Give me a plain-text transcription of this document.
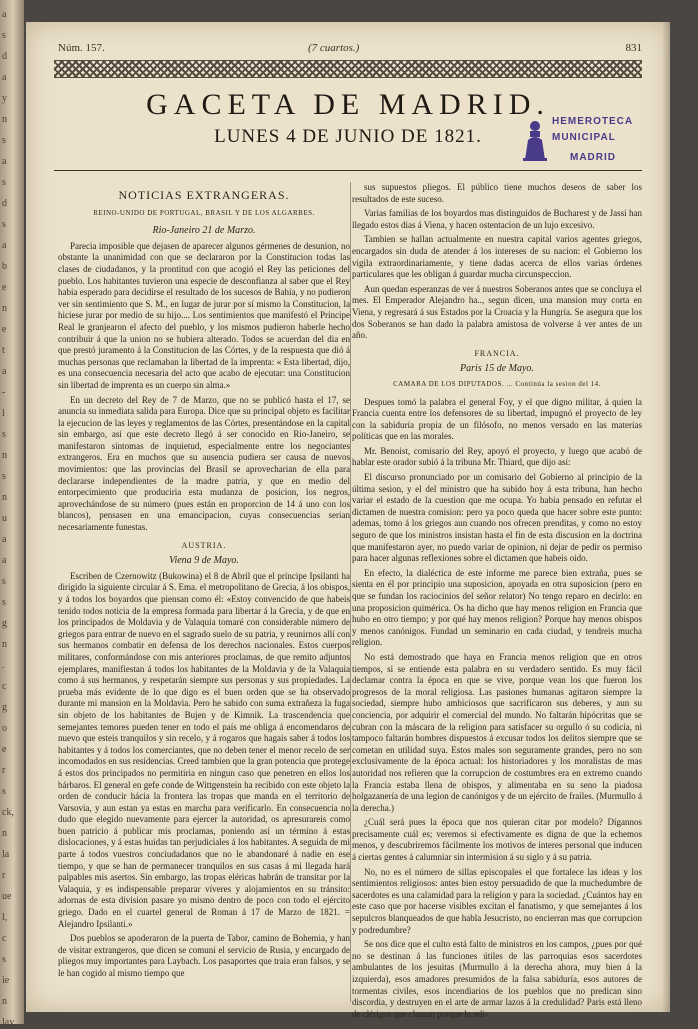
a
s
d
a
y
n
s
a
s
d
s
a
b
e
n
e
t
a
-
l
s
n
s
n
u
a
a
s
s
g
n
.
c
g
o
e
r
s
ck,
n
la
r
ue
l,
c
s
ie
n
lay
Núm. 157.	(7 cuartos.)	831
GACETA DE MADRID.
LUNES 4 DE JUNIO DE 1821.
HEMEROTECA
MUNICIPAL
MADRID
NOTICIAS EXTRANGERAS.
REINO-UNIDO DE PORTUGAL, BRASIL Y DE LOS ALGARBES.
Rio-Janeiro 21 de Marzo.

Parecia imposible que dejasen de aparecer algunos gérmenes de desunion, no obstante la unanimidad con que se declararon por la Constitucion todas las clases de ciudadanos, y la prontitud con que acogió el Rey las peticiones del pueblo. Los habitantes tuvieron una especie de desconfianza al saber que el Rey habia esperado para decidirse el resultado de los sucesos de Bahía, y no pudieron ver sin sentimiento que S. M., en lugar de jurar por sí mismo la Constitucion, la hiciese jurar por medio de su hijo.... Los sentimientos que manifestó el Príncipe Real le granjearon el afecto del pueblo, y los mismos pudieron haberle hecho contribuir á que la union no se hubiera alterado. Todos se acuerdan del dia en que prestó juramento á la Constitucion de las Córtes, y de la respuesta que dió á muchas personas que reclamaban la libertad de la imprenta: « Esta libertad, dijo, es una consecuencia necesaria del acto que acabo de ejecutar: una Constitucion sin libertad de imprenta es un cuerpo sin alma.»

En un decreto del Rey de 7 de Marzo, que no se publicó hasta el 17, se anuncia su inmediata salida para Europa. Dice que su principal objeto es facilitar la ejecucion de las leyes y reglamentos de las Córtes, presentándose en la capital sin embargo, así que este decreto llegó á ser conocido en Rio-Janeiro, se manifestaron síntomas de inquietud, especialmente entre los negociantes extrangeros. Era en muchos que su ausencia pudiera ser causa de nuevos movimientos: que las provincias del Brasil se aprovecharian de ella para declararse independientes de la madre patria, y que en medio del entorpecimiento que produciria esta mudanza de posicion, los negros, aprovechándose de su número (pues están en proporcion de 14 á uno con los blancos), pensasen en una emancipacion, cuyas consecuencias serian necesariamente funestas.

AUSTRIA.
Viena 9 de Mayo.

Escriben de Czernowitz (Bukowina) el 8 de Abril que el príncipe Ipsilanti ha dirigido la siguiente circular á S. Ema. el metropolitano de Grecia, á los obispos, y á todos los boyardos que piensan como él: «Estoy convencido de que habeis tenido todos noticia de la empresa formada para libertar á la Grecia, y de que en los principados de Moldavia y de Valaquia tomaré con considerable número de griegos para entrar de nuevo en el sagrado suelo de su patria, y reunirnos allí con sus hermanos combatir en defensa de los derechos nacionales. Estos cuerpos militares, conformándose con mis anteriores proclamas, de que remito adjuntos ejemplares, manifiestan á todos los habitantes de la Moldavia y de la Valaquia como á sus hermanos, y respetarán siempre sus personas y sus propiedades. La prueba más evidente de lo que digo es el buen orden que se ha observado durante mi mansion en la Moldavia. Pero he sabido con suma extrañeza la fuga sin objeto de los habitantes de Bujen y de Kimnik. La trascendencia que semejantes temores pueden tener en todo el país me obliga á encomendaros de nuevo que esteis tranquilos y sin recelo, y á rogaros que hagais saber á todos los habitantes y á todos los comerciantes, que no deben tener el menor recelo de ser incomodados en sus residencias. Creed tambien que la gran potencia que protege á estos dos principados no permitiria en ningun caso que penetren en ellos los bárbaros. El general en gefe conde de Wittgenstein ha recibido con este objeto la orden de conducir hácia la frontera las tropas que manda en el territorio de Varsovia, y aun estan ya estas en marcha para verificarlo. En consecuencia no dudo que elegido nuevamente para ejercer la autoridad, os apresurareis como buen patricio á publicar mis proclamas, poniendo así un término á estas dislocaciones, y á estas huidas tan perjudiciales á los habitantes. A seguida de mi parte á todos vuestros conciudadanos que no le abandonaré á nadie en ese tiempo, y que se han de permanecer tranquilos en sus casas á mi llegada hará palpables mis asertos. Sin embargo, las tropas eléricas habrán de transitar por la Valaquia, y es indispensable preparar víveres y alojamientos en su tránsito: adornas de esta division pasare yo mismo dentro de poco con todo el ejército griego. Dado en el cuartel general de Roman á 17 de Marzo de 1821. = Alejandro Ipsilanti.»

Dos pueblos se apoderaron de la puerta de Tabor, camino de Bohemia, y han de visitar extrangeros, que dicen se comuni el servicio de Rusia, y encargado de pliegos muy importantes para Laybach. Los pasaportes que traia eran falsos, y se le han cogido al mismo tiempo que

sus supuestos pliegos. El público tiene muchos deseos de saber los resultados de este suceso.

Varias familias de los boyardos mas distinguidos de Bucharest y de Jassi han llegado estos dias á Viena, y hacen ostentacion de un lujo excesivo.

Tambien se hallan actualmente en nuestra capital varios agentes griegos, encargados sin duda de atender á los intereses de su nacion: el Gobierno los vigila extraordinariamente, y tiene dadas acerca de ellos varias órdenes particulares que les obligan á guardar mucha circunspeccion.

Aun quedan esperanzas de ver á nuestros Soberanos antes que se concluya el mes. El Emperador Alejandro ha.., segun dicen, una mansion muy corta en Viena, y regresará á sus Estados por la Croacia y la Hungría. Se asegura que los dos Soberanos se han dado la palabra amistosa de volverse á ver antes de un año.

FRANCIA.
Paris 15 de Mayo.
CAMARA DE LOS DIPUTADOS. ... Continúa la sesion del 14.

Despues tomó la palabra el general Foy, y el que digno militar, á quien la Francia cuenta entre los defensores de su libertad, impugnó el proyecto de ley con la sabiduría propia de un filósofo, no menos versado en las materias políticas que en las morales.

Mr. Benoist, comisario del Rey, apoyó el proyecto, y luego que acabó de hablar este orador subió á la tribuna Mr. Thiard, que dijo así:

El discurso pronunciado por un comisario del Gobierno al principio de la última sesion, y el del ministro que ha subido hoy á esta tribuna, han hecho variar el estado de la cuestion que me ocupa. Yo habia pensado en refutar el dictamen de nuestra comision: pero ya poco queda que hacer sobre este punto: ademas, tomo á los griegos aun cuando nos ofrecen prenditas, y como no estoy seguro de que los ministros insistan hasta el fin de esta discusion en la doctrina que manifestaron ayer, no puedo variar de opinion, ni dejar de pedir os permiso para hacer algunas reflexiones sobre el dictamen que habeis oido.

En efecto, la dialéctica de este informe me parece bien extraña, pues se sienta en él por principio una suposicion, apoyada en otra suposicion (pero en que se fundan los raciocinios del señor relator) No tengo reparo en decirlo: en una proposicion quimérica. Os ha dicho que hay menos religion en Francia que hubo en otro tiempo; y por qué hay menos religion? Porque hay menos obispos y menos canónigos. Fundad un seminario en cada ciudad, y tendreis mucha religion.

No está demostrado que haya en Francia menos religion que en otros tiempos, si se entiende esta palabra en su verdadero sentido. Es muy fácil declamar contra la época en que se vive, porque vean los que fueron los progresos de la moral religiosa. Las pasiones humanas agitaron siempre la sociedad, siempre hubo ambiciosos que sacrificaron sus deberes, y aun su conciencia, por adquirir el comercial del mundo. No faltarán hipócritas que se cubran con la máscara de la religion para satisfacer su orgullo ó su codicia, ni tampoco faltarán hombres dispuestos á excusar todos los delitos siempre que se cometan en utilidad suya. Estos males son seguramente grandes, pero no son exclusivamente de la época actual: los historiadores y los moralistas de mas autoridad nos refieren que la corrupcion de costumbres era en extremo cuando la Francia estaba llena de obispos, y alimentaba en su seno la piadosa holgazanería de una legion de canónigos y de un ejército de frailes. (Murmullo á la derecha.)

¿Cuál será pues la época que nos quieran citar por modelo? Dígannos precisamente cuál es; veremos si efectivamente es digna de que la echemos menos, y descubriremos fácilmente los motivos de interes personal que inducen á ciertas gentes á calumniar sin intermision á su siglo y á su patria.

No, no es el número de sillas episcopales el que fortalece las ideas y los sentimientos religiosos: antes bien estoy persuadido de que la muchedumbre de sacerdotes es una calamidad para la religion y para la sociedad. ¿Cuántos hay en este caso que por hacerse visibles excitan el fanatismo, y que semejantes á los sepulcros blanqueados de que habla Jesucristo, no encierran mas que corrupcion y podredumbre?

Se nos dice que el culto está falto de ministros en los campos, ¿pues por qué no se destinan á las funciones útiles de las parroquias esos sacerdotes ambulantes de los jesuitas (Murmullo á la derecha ahora, muy bien á la izquierda), esos amadores presumidos de la falsa sabiduría, esos autores de tormentas civiles, esos incendiarios de los pueblos que no predican sino discordia, y destruyen en el arte de armar lazos á la credulidad? Paris está lleno de clérigos que claman porque la reli-
